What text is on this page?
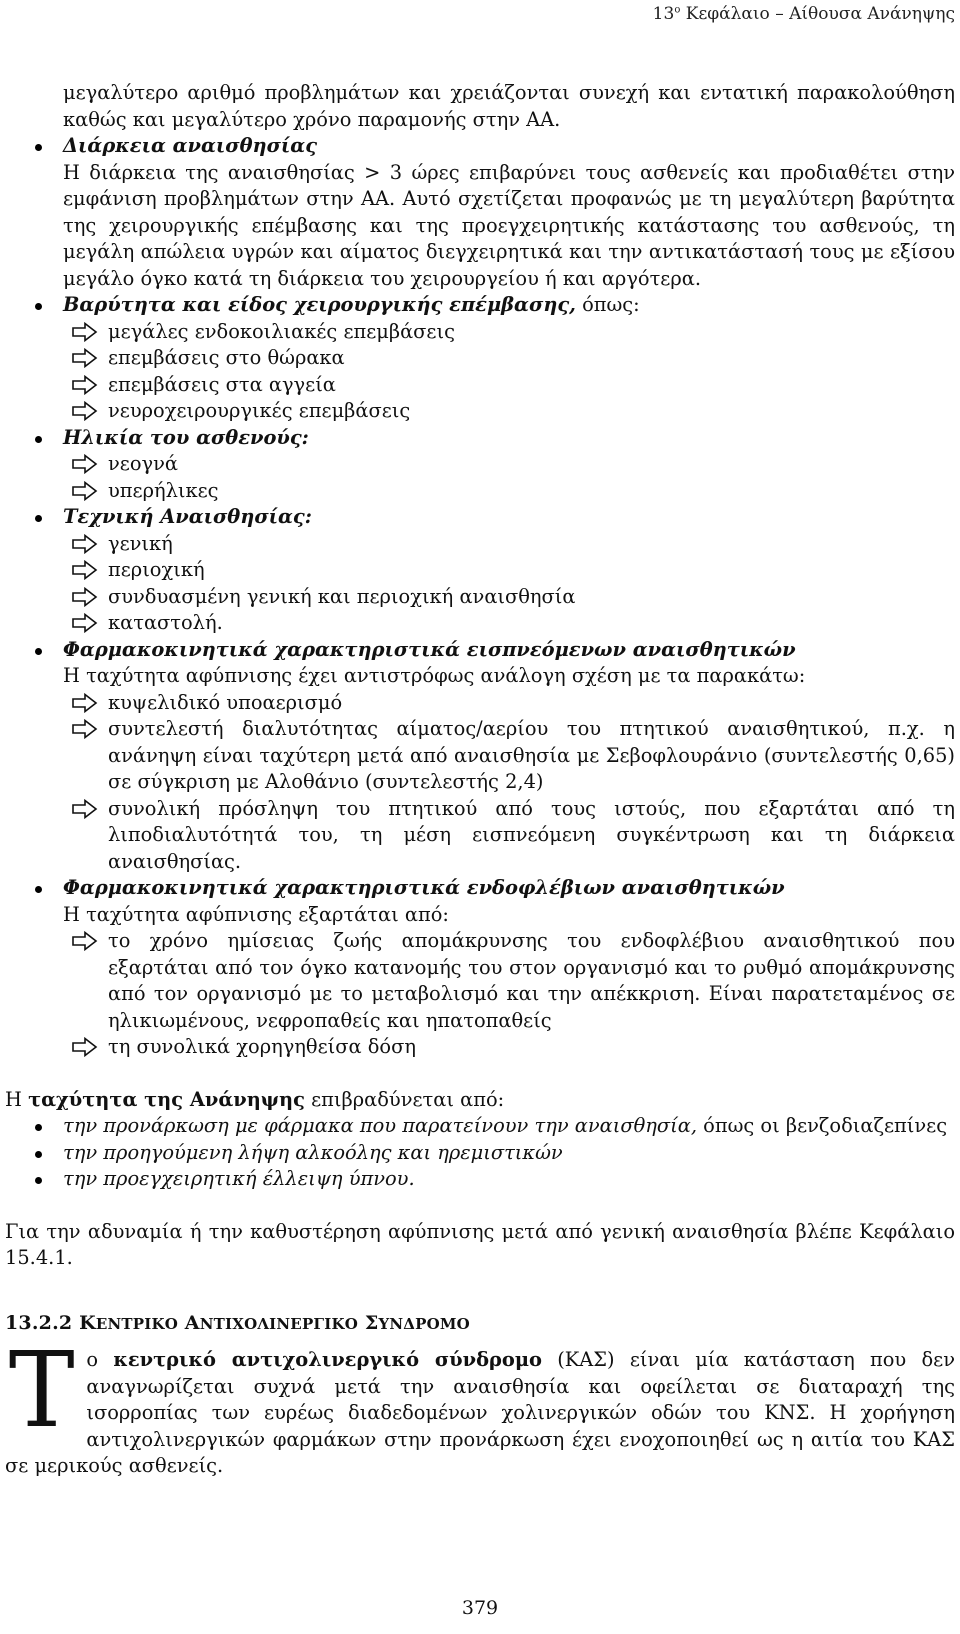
$13^o$ Κεφάλαιο – Αίθουσα Ανάνηψης

μεγαλύτερο αριθμό προβλημάτων και χρειάζονται συνεχή και εντατική παρακολούθηση καθώς και μεγαλύτερο χρόνο παραμονής στην ΑΑ.

Διάρκεια αναισθησίας
Η διάρκεια της αναισθησίας > 3 ώρες επιβαρύνει τους ασθενείς και προδιαθέτει στην εμφάνιση προβλημάτων στην ΑΑ. Αυτό σχετίζεται προφανώς με τη μεγαλύτερη βαρύτητα της χειρουργικής επέμβασης και της προεγχειρητικής κατάστασης του ασθενούς, τη μεγάλη απώλεια υγρών και αίματος διεγχειρητικά και την αντικατάστασή τους με εξίσου μεγάλο όγκο κατά τη διάρκεια του χειρουργείου ή και αργότερα.
Βαρύτητα και είδος χειρουργικής επέμβασης, όπως:
μεγάλες ενδοκοιλιακές επεμβάσεις
επεμβάσεις στο θώρακα
επεμβάσεις στα αγγεία
νευροχειρουργικές επεμβάσεις
Ηλικία του ασθενούς:
νεογνά
υπερήλικες
Τεχνική Αναισθησίας:
γενική
περιοχική
συνδυασμένη γενική και περιοχική αναισθησία
καταστολή.
Φαρμακοκινητικά χαρακτηριστικά εισπνεόμενων αναισθητικών
Η ταχύτητα αφύπνισης έχει αντιστρόφως ανάλογη σχέση με τα παρακάτω:
κυψελιδικό υποαερισμό
συντελεστή διαλυτότητας αίματος/αερίου του πτητικού αναισθητικού, π.χ. η ανάνηψη είναι ταχύτερη μετά από αναισθησία με Σεβοφλουράνιο (συντελεστής 0,65) σε σύγκριση με Αλοθάνιο (συντελεστής 2,4)
συνολική πρόσληψη του πτητικού από τους ιστούς, που εξαρτάται από τη λιποδιαλυτότητά του, τη μέση εισπνεόμενη συγκέντρωση και τη διάρκεια αναισθησίας.
Φαρμακοκινητικά χαρακτηριστικά ενδοφλέβιων αναισθητικών
Η ταχύτητα αφύπνισης εξαρτάται από:
το χρόνο ημίσειας ζωής απομάκρυνσης του ενδοφλέβιου αναισθητικού που εξαρτάται από τον όγκο κατανομής του στον οργανισμό και το ρυθμό απομάκρυνσης από τον οργανισμό με το μεταβολισμό και την απέκκριση. Είναι παρατεταμένος σε ηλικιωμένους, νεφροπαθείς και ηπατοπαθείς
τη συνολικά χορηγηθείσα δόση

Η ταχύτητα της Ανάνηψης επιβραδύνεται από:

την προνάρκωση με φάρμακα που παρατείνουν την αναισθησία, όπως οι βενζοδιαζεπίνες
την προηγούμενη λήψη αλκοόλης και ηρεμιστικών
την προεγχειρητική έλλειψη ύπνου.

Για την αδυναμία ή την καθυστέρηση αφύπνισης μετά από γενική αναισθησία βλέπε Κεφάλαιο 15.4.1.

13.2.2 ΚΕΝΤΡΙΚΟ ΑΝΤΙΧΟΛΙΝΕΡΓΙΚΟ ΣΥΝΔΡΟΜΟ

Το κεντρικό αντιχολινεργικό σύνδρομο (ΚΑΣ) είναι μία κατάσταση που δεν αναγνωρίζεται συχνά μετά την αναισθησία και οφείλεται σε διαταραχή της ισορροπίας των ευρέως διαδεδομένων χολινεργικών οδών του ΚΝΣ. Η χορήγηση αντιχολινεργικών φαρμάκων στην προνάρκωση έχει ενοχοποιηθεί ως η αιτία του ΚΑΣ σε μερικούς ασθενείς.

379
